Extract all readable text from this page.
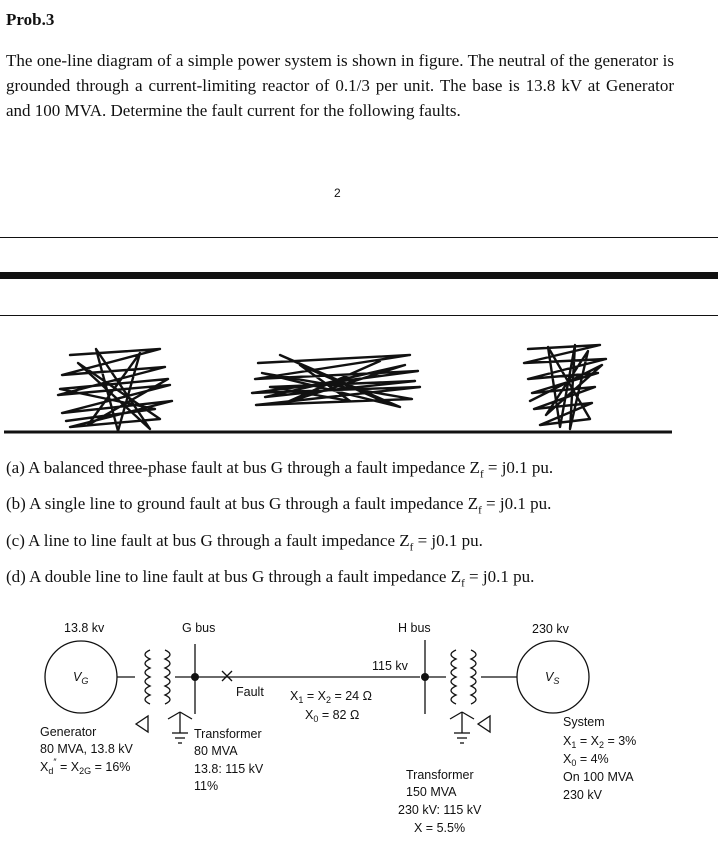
Prob.3
The one-line diagram of a simple power system is shown in figure. The neutral of the generator is grounded through a current-limiting reactor of 0.1/3 per unit. The base is 13.8 kV at Generator and 100 MVA. Determine the fault current for the following faults.
2
(a) A balanced three-phase fault at bus G through a fault impedance $Z_f = j0.1$ pu.
(b) A single line to ground fault at bus G through a fault impedance $Z_f = j0.1$ pu.
(c) A line to line fault at bus G through a fault impedance $Z_f = j0.1$ pu.
(d) A double line to line fault at bus G through a fault impedance $Z_f = j0.1$ pu.
13.8 kv	G bus	H bus	230 kv
115 kv
Fault
$V_G$	$V_S$
$X_1 = X_2 = 24$ Ω
$X_0 = 82$ Ω
Generator
80 MVA, 13.8 kV
$X_d'' = X_{2G} = 16\%$
Transformer
80 MVA
13.8: 115 kV
11%
Transformer
150 MVA
230 kV: 115 kV
X = 5.5%
System
$X_1 = X_2 = 3\%$
$X_0 = 4\%$
On 100 MVA
230 kV
